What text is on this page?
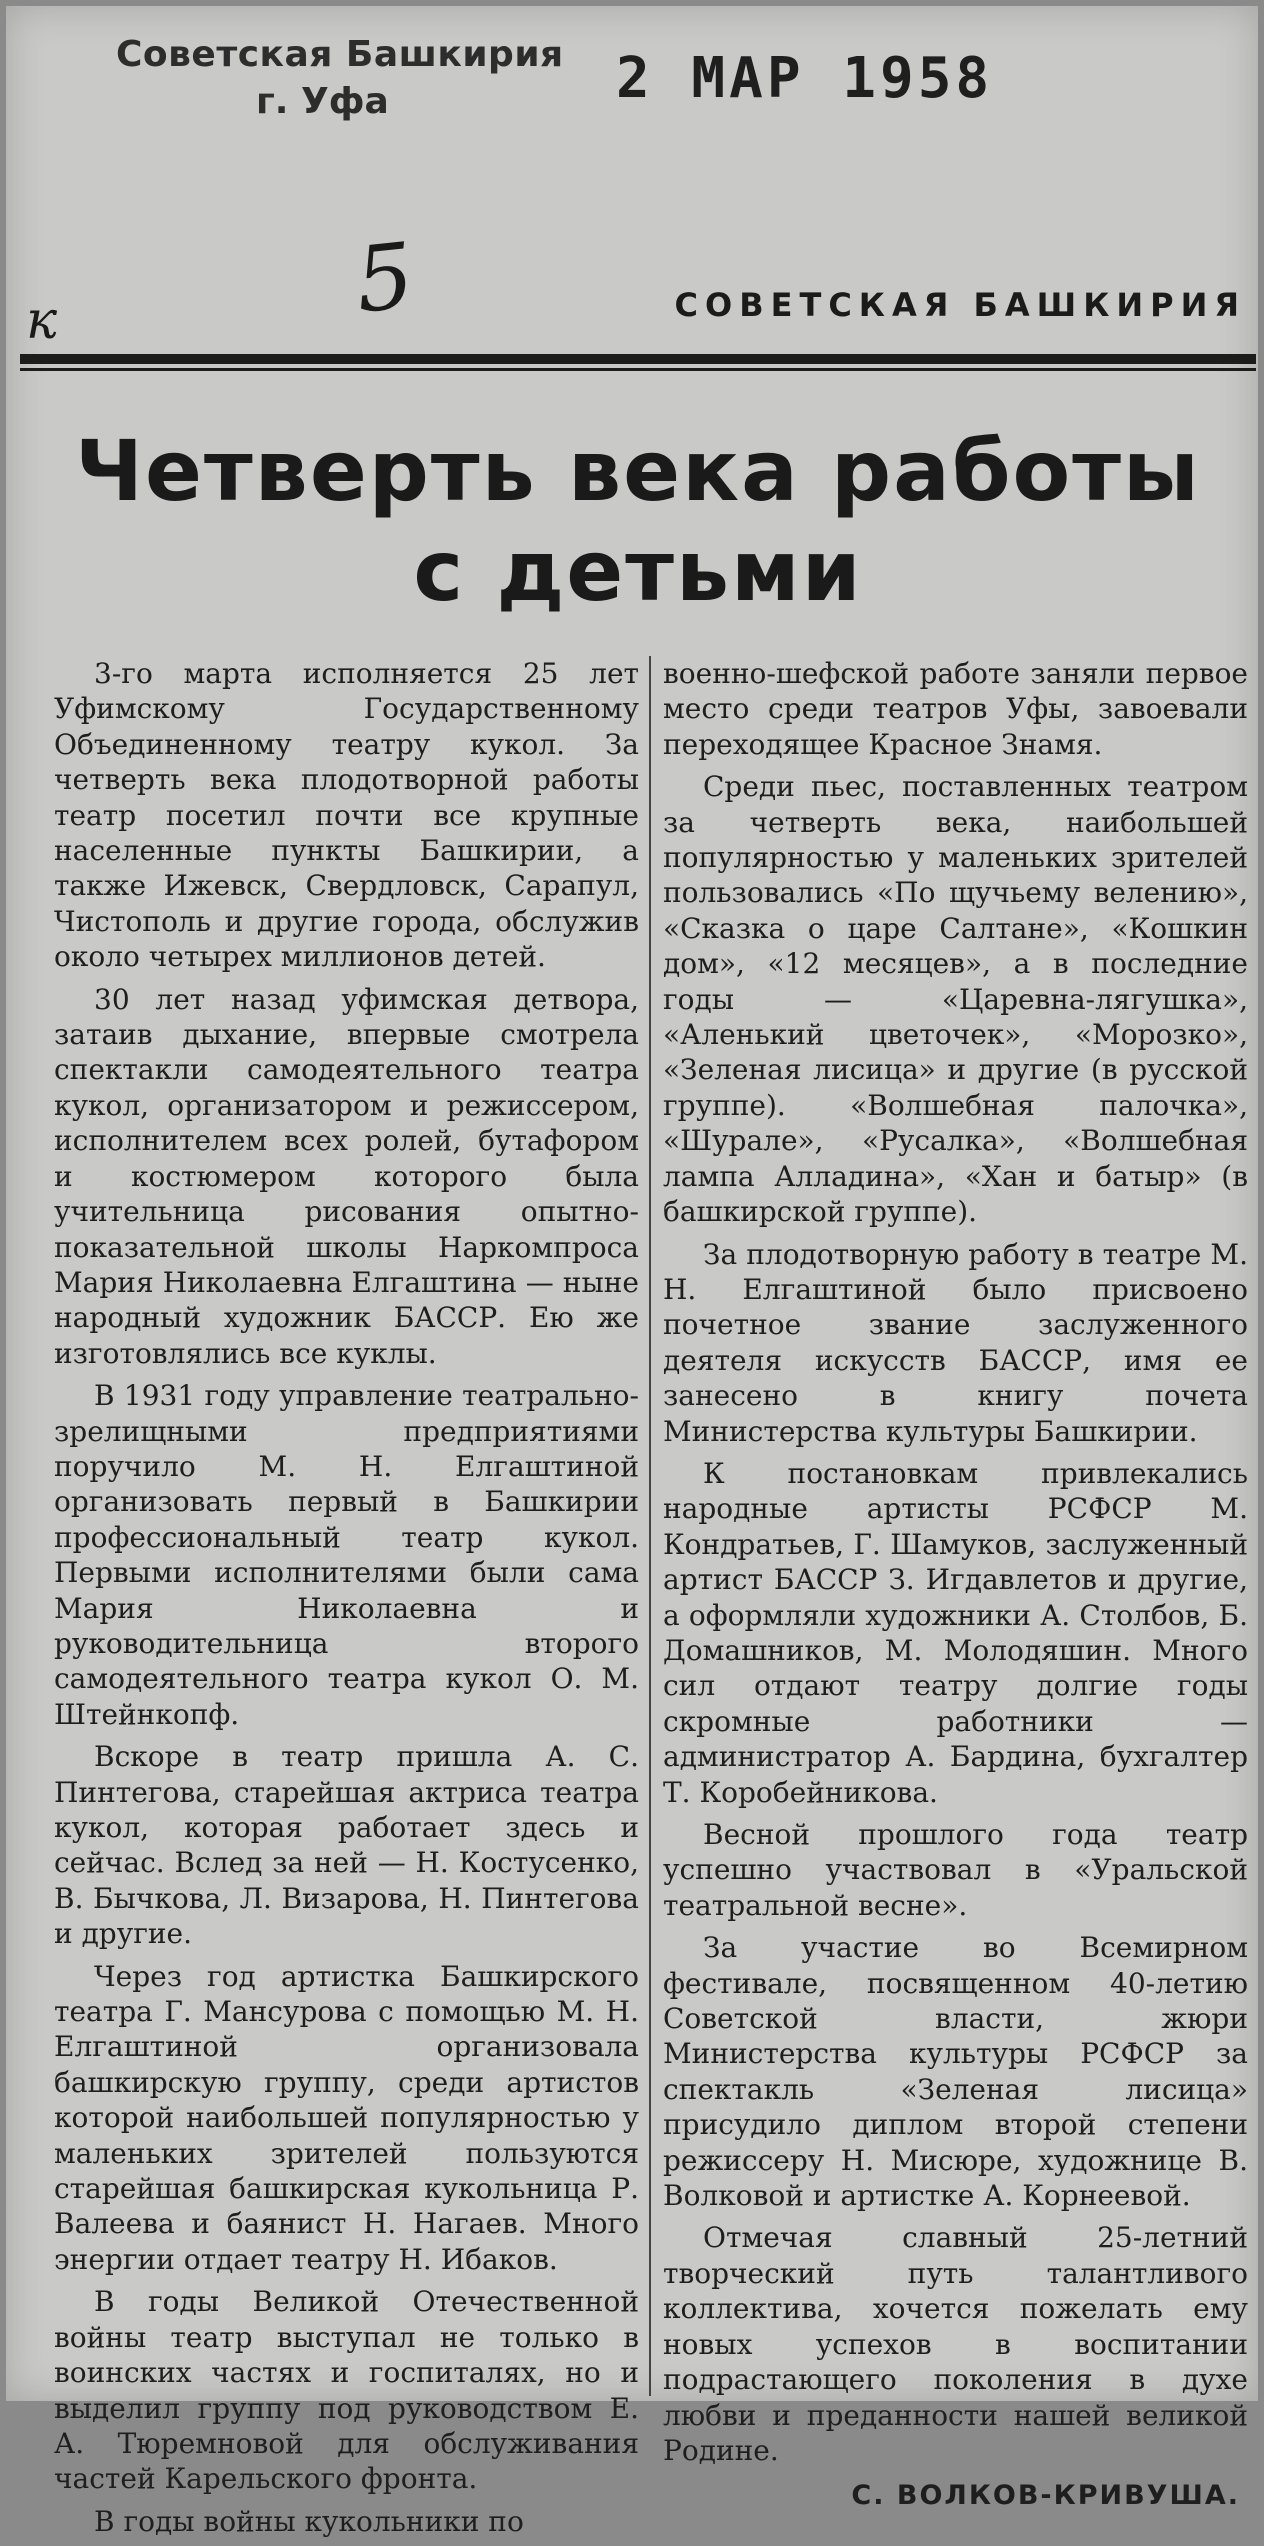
Советская Башкирия
г. Уфа	2 МАР 1958
5
к	СОВЕТСКАЯ БАШКИРИЯ
Четверть века работы
с детьми

3-го марта исполняется 25 лет Уфимскому Государственному Объединенному театру кукол. За четверть века плодотворной работы театр посетил почти все крупные населенные пункты Башкирии, а также Ижевск, Свердловск, Сарапул, Чистополь и другие города, обслужив около четырех миллионов детей.

30 лет назад уфимская детвора, затаив дыхание, впервые смотрела спектакли самодеятельного театра кукол, организатором и режиссером, исполнителем всех ролей, бутафором и костюмером которого была учительница рисования опытно-показательной школы Наркомпроса Мария Николаевна Елгаштина — ныне народный художник БАССР. Ею же изготовлялись все куклы.

В 1931 году управление театрально-зрелищными предприятиями поручило М. Н. Елгаштиной организовать первый в Башкирии профессиональный театр кукол. Первыми исполнителями были сама Мария Николаевна и руководительница второго самодеятельного театра кукол О. М. Штейнкопф.

Вскоре в театр пришла А. С. Пинтегова, старейшая актриса театра кукол, которая работает здесь и сейчас. Вслед за ней — Н. Костусенко, В. Бычкова, Л. Визарова, Н. Пинтегова и другие.

Через год артистка Башкирского театра Г. Мансурова с помощью М. Н. Елгаштиной организовала башкирскую группу, среди артистов которой наибольшей популярностью у маленьких зрителей пользуются старейшая башкирская кукольница Р. Валеева и баянист Н. Нагаев. Много энергии отдает театру Н. Ибаков.

В годы Великой Отечественной войны театр выступал не только в воинских частях и госпиталях, но и выделил группу под руководством Е. А. Тюремновой для обслуживания частей Карельского фронта.

В годы войны кукольники по

военно-шефской работе заняли первое место среди театров Уфы, завоевали переходящее Красное Знамя.

Среди пьес, поставленных театром за четверть века, наибольшей популярностью у маленьких зрителей пользовались «По щучьему велению», «Сказка о царе Салтане», «Кошкин дом», «12 месяцев», а в последние годы — «Царевна-лягушка», «Аленький цветочек», «Морозко», «Зеленая лисица» и другие (в русской группе). «Волшебная палочка», «Шурале», «Русалка», «Волшебная лампа Алладина», «Хан и батыр» (в башкирской группе).

За плодотворную работу в театре М. Н. Елгаштиной было присвоено почетное звание заслуженного деятеля искусств БАССР, имя ее занесено в книгу почета Министерства культуры Башкирии.

К постановкам привлекались народные артисты РСФСР М. Кондратьев, Г. Шамуков, заслуженный артист БАССР З. Игдавлетов и другие, а оформляли художники А. Столбов, Б. Домашников, М. Молодяшин. Много сил отдают театру долгие годы скромные работники — администратор А. Бардина, бухгалтер Т. Коробейникова.

Весной прошлого года театр успешно участвовал в «Уральской театральной весне».

За участие во Всемирном фестивале, посвященном 40-летию Советской власти, жюри Министерства культуры РСФСР за спектакль «Зеленая лисица» присудило диплом второй степени режиссеру Н. Мисюре, художнице В. Волковой и артистке А. Корнеевой.

Отмечая славный 25-летний творческий путь талантливого коллектива, хочется пожелать ему новых успехов в воспитании подрастающего поколения в духе любви и преданности нашей великой Родине.

С. ВОЛКОВ-КРИВУША.
